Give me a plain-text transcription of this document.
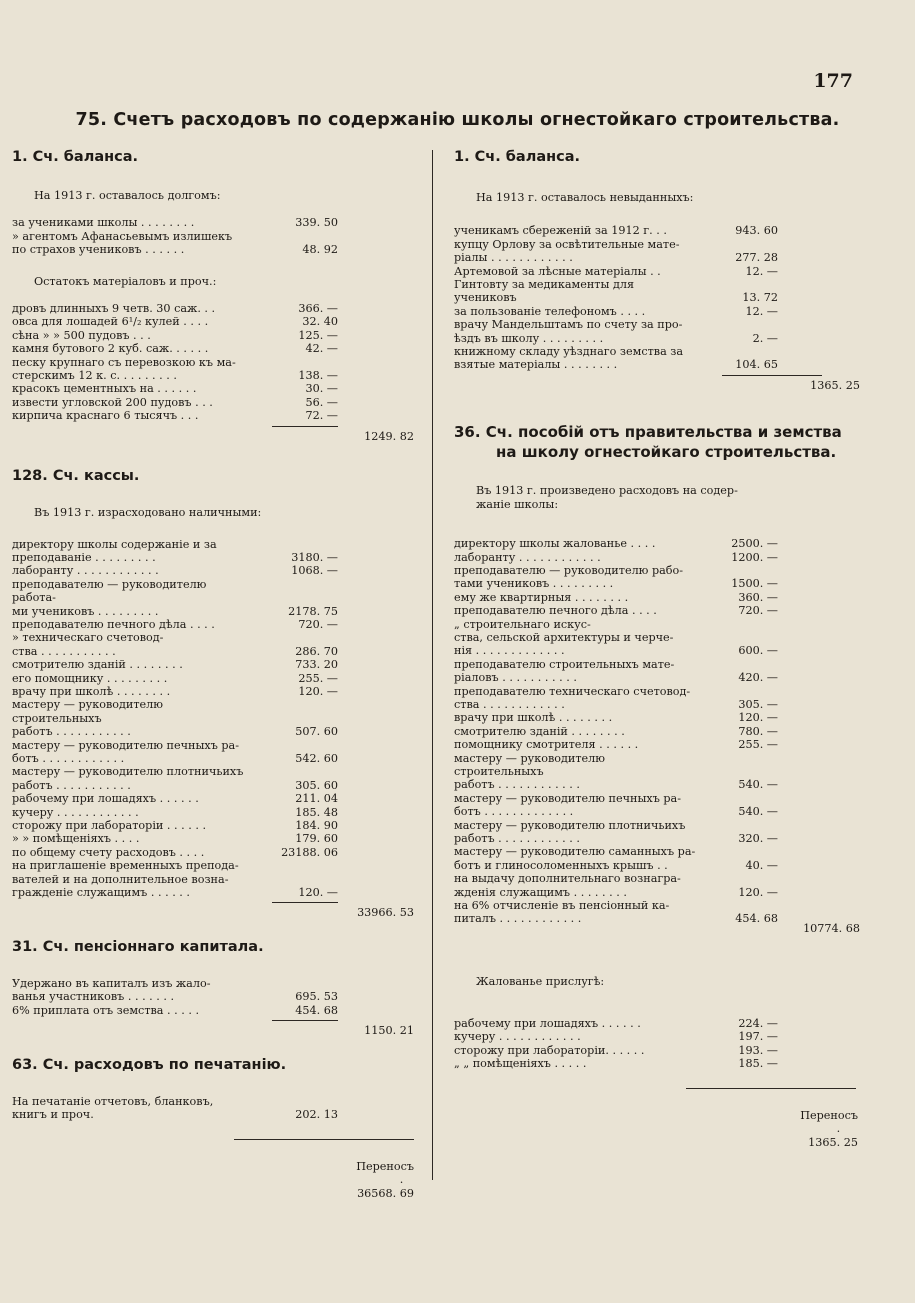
177
75. Счетъ расходовъ по содержанію школы огнестойкаго строительства.
1. Сч. баланса.
На 1913 г. оставалось долгомъ:
за учениками школы . . . . . . . .	339. 50
» агентомъ Афанасьевымъ излишекъ
по страхов учениковъ . . . . . .	48. 92
Остатокъ матеріаловъ и проч.:
дровъ длинныхъ 9 четв. 30 саж. . .	366. —
овса для лошадей 6¹/₂ кулей . . . .	32. 40
сѣна » » 500 пудовъ . . .	125. —
камня бутового 2 куб. саж. . . . . .	42. —
песку крупнаго съ перевозкою къ ма-
стерскимъ 12 к. с. . . . . . . . .	138. —
красокъ цементныхъ на . . . . . .	30. —
извести угловской 200 пудовъ . . .	56. —
кирпича краснаго 6 тысячъ . . .	72. —
1249. 82
128. Сч. кассы.
Въ 1913 г. израсходовано наличными:
директору школы содержаніе и за
преподаваніе . . . . . . . . .	3180. —
лаборанту . . . . . . . . . . . .	1068. —
преподавателю — руководителю работа-
ми учениковъ . . . . . . . . .	2178. 75
преподавателю печного дѣла . . . .	720. —
» техническаго счетовод-
ства . . . . . . . . . . .	286. 70
смотрителю зданій . . . . . . . .	733. 20
его помощнику . . . . . . . . .	255. —
врачу при школѣ . . . . . . . .	120. —
мастеру — руководителю строительныхъ
работъ . . . . . . . . . . .	507. 60
мастеру — руководителю печныхъ ра-
ботъ . . . . . . . . . . . .	542. 60
мастеру — руководителю плотничьихъ
работъ . . . . . . . . . . .	305. 60
рабочему при лошадяхъ . . . . . .	211. 04
кучеру . . . . . . . . . . . .	185. 48
сторожу при лабораторіи . . . . . .	184. 90
» » помѣщеніяхъ . . . .	179. 60
по общему счету расходовъ . . . .	23188. 06
на приглашеніе временныхъ препода-
вателей и на дополнительное возна-
гражденіе служащимъ . . . . . .	120. —
33966. 53
31. Сч. пенсіоннаго капитала.
Удержано въ капиталъ изъ жало-
ванья участниковъ . . . . . . .	695. 53
6% приплата отъ земства . . . . .	454. 68
1150. 21
63. Сч. расходовъ по печатанію.
На печатаніе отчетовъ, бланковъ, книгъ и проч.	202. 13

Переносъ
.
36568. 69

1. Сч. баланса.
На 1913 г. оставалось невыданныхъ:
ученикамъ сбереженій за 1912 г. . .	943. 60
купцу Орлову за освѣтительные мате-
ріалы . . . . . . . . . . . .	277. 28
Артемовой за лѣсные матеріалы . .	12. —
Гинтовту за медикаменты для учениковъ	13. 72
за пользованіе телефономъ . . . .	12. —
врачу Мандельштамъ по счету за про-
ѣздъ въ школу . . . . . . . . .	2. —
книжному складу уѣзднаго земства за
взятые матеріалы . . . . . . . .	104. 65
1365. 25
36. Сч. пособій отъ правительства и земства на школу огнестойкаго строительства.
Въ 1913 г. произведено расходовъ на содер-жаніе школы:
директору школы жалованье . . . .	2500. —
лаборанту . . . . . . . . . . . .	1200. —
преподавателю — руководителю рабо-
тами учениковъ . . . . . . . . .	1500. —
ему же квартирныя . . . . . . . .	360. —
преподавателю печного дѣла . . . .	720. —
„ строительнаго искус-
ства, сельской архитектуры и черче-
нія . . . . . . . . . . . . .	600. —
преподавателю строительныхъ мате-
ріаловъ . . . . . . . . . . .	420. —
преподавателю техническаго счетовод-
ства . . . . . . . . . . . .	305. —
врачу при школѣ . . . . . . . .	120. —
смотрителю зданій . . . . . . . .	780. —
помощнику смотрителя . . . . . .	255. —
мастеру — руководителю строительныхъ
работъ . . . . . . . . . . . .	540. —
мастеру — руководителю печныхъ ра-
ботъ . . . . . . . . . . . . .	540. —
мастеру — руководителю плотничьихъ
работъ . . . . . . . . . . . .	320. —
мастеру — руководителю саманныхъ ра-
ботъ и глиносоломенныхъ крышъ . .	40. —
на выдачу дополнительнаго вознагра-
жденія служащимъ . . . . . . . .	120. —
на 6% отчисленіе въ пенсіонный ка-
питалъ . . . . . . . . . . . .	454. 68
10774. 68
Жалованье прислугѣ:
рабочему при лошадяхъ . . . . . .	224. —
кучеру . . . . . . . . . . . .	197. —
сторожу при лабораторіи. . . . . .	193. —
„ „ помѣщеніяхъ . . . . .	185. —

Переносъ
.
1365. 25
